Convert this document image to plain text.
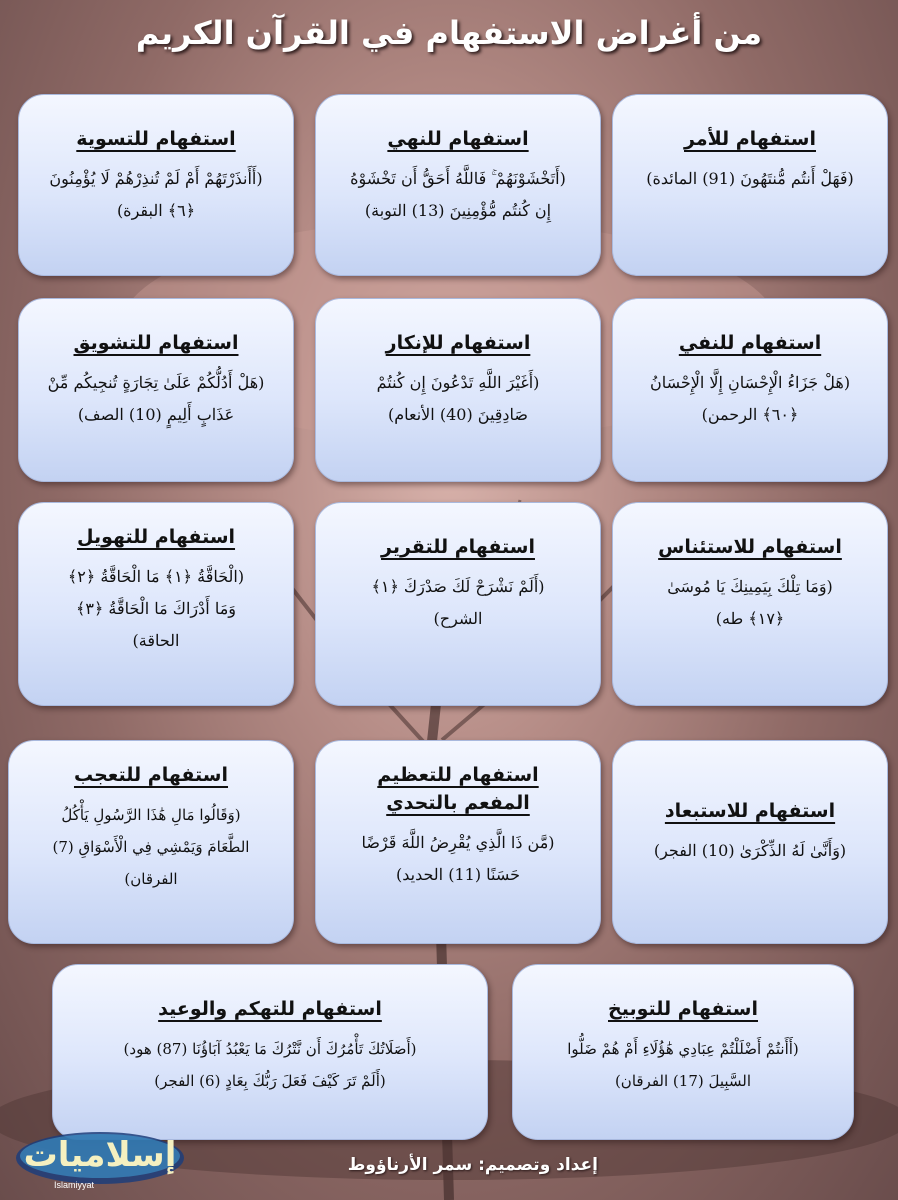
من أغراض الاستفهام في القرآن الكريم
استفهام للأمر
(فَهَلْ أَنتُم مُّنتَهُونَ (91) المائدة)
استفهام للنهي
(أَتَخْشَوْنَهُمْ ۚ فَاللَّهُ أَحَقُّ أَن تَخْشَوْهُ
إِن كُنتُم مُّؤْمِنِينَ (13) التوبة)
استفهام للتسوية
(أَأَنذَرْتَهُمْ أَمْ لَمْ تُنذِرْهُمْ لَا يُؤْمِنُونَ
﴿٦﴾ البقرة)
استفهام للنفي
(هَلْ جَزَاءُ الْإِحْسَانِ إِلَّا الْإِحْسَانُ
﴿٦٠﴾ الرحمن)
استفهام للإنكار
(أَغَيْرَ اللَّهِ تَدْعُونَ إِن كُنتُمْ
صَادِقِينَ (40) الأنعام)
استفهام للتشويق
(هَلْ أَدُلُّكُمْ عَلَىٰ تِجَارَةٍ تُنجِيكُم مِّنْ
عَذَابٍ أَلِيمٍ (10) الصف)
استفهام للاستئناس
(وَمَا تِلْكَ بِيَمِينِكَ يَا مُوسَىٰ
﴿١٧﴾ طه)
استفهام للتقرير
(أَلَمْ نَشْرَحْ لَكَ صَدْرَكَ ﴿١﴾
الشرح)
استفهام للتهويل
(الْحَاقَّةُ ﴿١﴾ مَا الْحَاقَّةُ ﴿٢﴾
وَمَا أَدْرَاكَ مَا الْحَاقَّةُ ﴿٣﴾
الحاقة)
استفهام للاستبعاد
(وَأَنَّىٰ لَهُ الذِّكْرَىٰ (10) الفجر)
استفهام للتعظيم المفعم بالتحدي
(مَّن ذَا الَّذِي يُقْرِضُ اللَّهَ قَرْضًا
حَسَنًا (11) الحديد)
استفهام للتعجب
(وَقَالُوا مَالِ هَٰذَا الرَّسُولِ يَأْكُلُ
الطَّعَامَ وَيَمْشِي فِي الْأَسْوَاقِ (7)
الفرقان)
استفهام للتوبيخ
(أَأَنتُمْ أَضْلَلْتُمْ عِبَادِي هَٰؤُلَاءِ أَمْ هُمْ ضَلُّوا
السَّبِيلَ (17) الفرقان)
استفهام للتهكم والوعيد
(أَصَلَاتُكَ تَأْمُرُكَ أَن نَّتْرُكَ مَا يَعْبُدُ آبَاؤُنَا (87) هود)
(أَلَمْ تَرَ كَيْفَ فَعَلَ رَبُّكَ بِعَادٍ (6) الفجر)
إسلاميات
Islamiyyat
إعداد وتصميم: سمر الأرناؤوط
